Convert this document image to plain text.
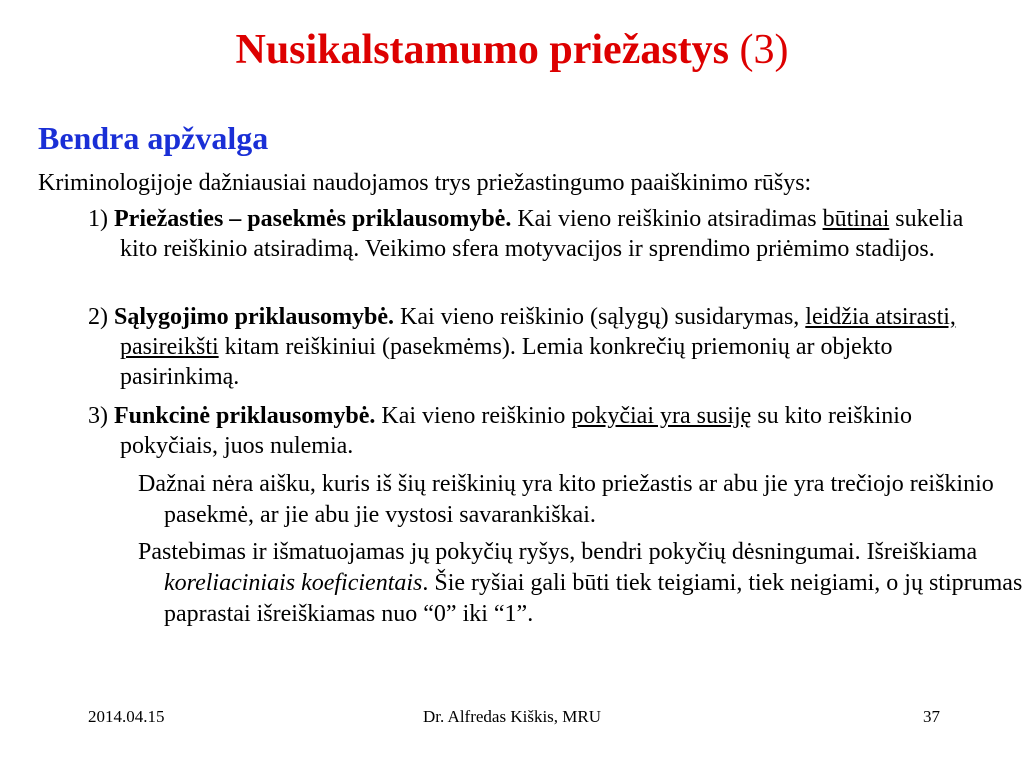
Nusikalstamumo priežastys (3)
Bendra apžvalga
Kriminologijoje dažniausiai naudojamos trys priežastingumo paaiškinimo rūšys:
1) Priežasties – pasekmės priklausomybė. Kai vieno reiškinio atsiradimas būtinai sukelia kito reiškinio atsiradimą. Veikimo sfera motyvacijos ir sprendimo priėmimo stadijos.
2) Sąlygojimo priklausomybė. Kai vieno reiškinio (sąlygų) susidarymas, leidžia atsirasti, pasireikšti kitam reiškiniui (pasekmėms). Lemia konkrečių priemonių ar objekto pasirinkimą.
3) Funkcinė priklausomybė. Kai vieno reiškinio pokyčiai yra susiję su kito reiškinio pokyčiais, juos nulemia.
Dažnai nėra aišku, kuris iš šių reiškinių yra kito priežastis ar abu jie yra trečiojo reiškinio pasekmė, ar jie abu jie vystosi savarankiškai.
Pastebimas ir išmatuojamas jų pokyčių ryšys, bendri pokyčių dėsningumai. Išreiškiama koreliaciniais koeficientais. Šie ryšiai gali būti tiek teigiami, tiek neigiami, o jų stiprumas paprastai išreiškiamas nuo “0” iki “1”.
2014.04.15	Dr. Alfredas Kiškis, MRU	37
